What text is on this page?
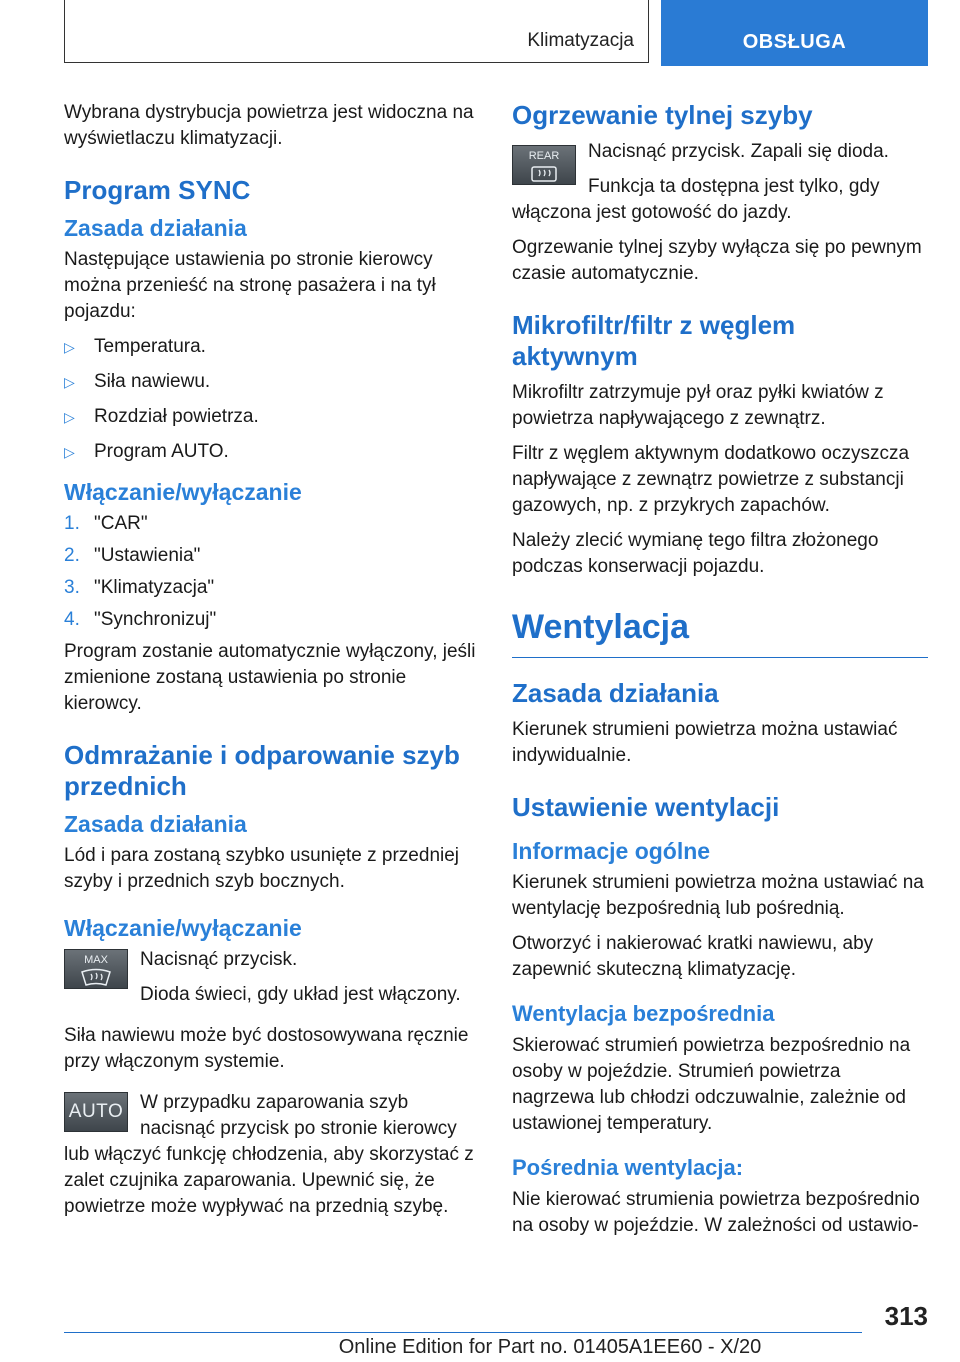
Klimatyzacja	OBSŁUGA

Wybrana dystrybucja powietrza jest widoczna na wyświetlaczu klimatyzacji.

Program SYNC
Zasada działania

Następujące ustawienia po stronie kierowcy można przenieść na stronę pasażera i na tył pojazdu:

▷ Temperatura.
▷ Siła nawiewu.
▷ Rozdział powietrza.
▷ Program AUTO.
Włączanie/wyłączanie
1. "CAR"
2. "Ustawienia"
3. "Klimatyzacja"
4. "Synchronizuj"

Program zostanie automatycznie wyłączony, jeśli zmienione zostaną ustawienia po stronie kierowcy.

Odmrażanie i odparowanie szyb przednich
Zasada działania

Lód i para zostaną szybko usunięte z przedniej szyby i przednich szyb bocznych.

Włączanie/wyłączanie
MAX	Nacisnąć przycisk.

Dioda świeci, gdy układ jest włączony.

Siła nawiewu może być dostosowywana ręcznie przy włączonym systemie.

AUTO W przypadku zaparowania szyb nacisnąć przycisk po stronie kierowcy lub włączyć funkcję chłodzenia, aby skorzystać z zalet czujnika zaparowania. Upewnić się, że powietrze może wypływać na przednią szybę.

Ogrzewanie tylnej szyby
REAR	Nacisnąć przycisk. Zapali się dioda.

Funkcja ta dostępna jest tylko, gdy włączona jest gotowość do jazdy.

Ogrzewanie tylnej szyby wyłącza się po pewnym czasie automatycznie.

Mikrofiltr/filtr z węglem aktywnym

Mikrofiltr zatrzymuje pył oraz pyłki kwiatów z powietrza napływającego z zewnątrz.

Filtr z węglem aktywnym dodatkowo oczyszcza napływające z zewnątrz powietrze z substancji gazowych, np. z przykrych zapachów.

Należy zlecić wymianę tego filtra złożonego podczas konserwacji pojazdu.

Wentylacja
Zasada działania

Kierunek strumieni powietrza można ustawiać indywidualnie.

Ustawienie wentylacji
Informacje ogólne

Kierunek strumieni powietrza można ustawiać na wentylację bezpośrednią lub pośrednią.

Otworzyć i nakierować kratki nawiewu, aby zapewnić skuteczną klimatyzację.

Wentylacja bezpośrednia

Skierować strumień powietrza bezpośrednio na osoby w pojeździe. Strumień powietrza nagrzewa lub chłodzi odczuwalnie, zależnie od ustawionej temperatury.

Pośrednia wentylacja:

Nie kierować strumienia powietrza bezpośrednio na osoby w pojeździe. W zależności od ustawio-

313
Online Edition for Part no. 01405A1EE60 - X/20
